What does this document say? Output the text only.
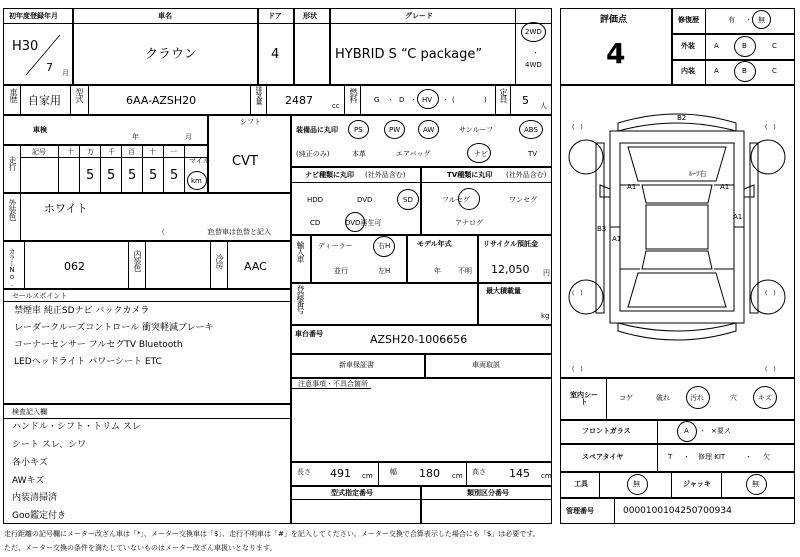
初年度登録年月
H30
7 月
車名
クラウン
ドア
4
形状	グレード
HYBRID S “C package”
2WD
・
4WD
評価点
4
修復歴	有 ・ 無
外装	A	B	C
内装	A	B	C
車歴 自家用 型式	6AA-AZSH20	排気量 2487	cc
燃料 G ・ D ・ HV ・ (	) 定員 5 人
車検
年	月
シフト
CVT
走行
記号	十 万 千 百 十 一
マイル
5 5 5 5 5 km
外装色 ホワイト
（　　　　　　）
色替車は色替と記入
カラーNo.	062	内装色	冷房 AAC
装備品に丸印
(純正のみ)
PS	PW	AW	サンルーフ	ABS
本革	エアバッグ	ナビ	TV
ナビ種類に丸印 (社外品含む)
HDD	DVD	SD
CD	DVD再生可
TV種類に丸印 (社外品含む)
フルセグ	ワンセグ
アナログ
輸入車 ディーラー
並行
右H
左H
モデル年式
年 不明
リサイクル預託金
12,050 円
セールスポイント
禁煙車 純正SDナビ バックカメラ
レーダークルーズコントロール 衝突軽減ブレーキ
コーナーセンサー フルセグTV Bluetooth
LEDヘッドライト パワーシート ETC
検査記入欄
ハンドル・シフト・トリム スレ
シート スレ、シワ
各小キズ
AWキズ
内装清掃済
Goo鑑定付き
登録番号	最大積載量
kg
車台番号	AZSH20-1006656
新車保証書	車両取説
注意事項・不具合箇所
長さ 491 cm 幅 180 cm 高さ 145 cm
型式指定番号	類別区分番号
(　)	(　)
(　)	(　)
(　)	(　)
B2
A1	A1
B3
A1
ﾙｰﾌ右
A1
室内シート	コゲ	破れ	汚れ	穴	キズ
フロントガラス	A ・ ×要ス
スペアタイヤ	T ・ 修理 KIT	・ 欠
工具	無	ジャッキ	無
管理番号	0000100104250700934
走行距離の記号欄にメーター改ざん車は「*」、メーター交換車は「$」、走行不明車は「#」を記入してください。メーター交換で合算表示した場合にも「$」は必要です。
ただ、メーター交換の条件を満たしていないものはメーター改ざん車扱いとなります。
